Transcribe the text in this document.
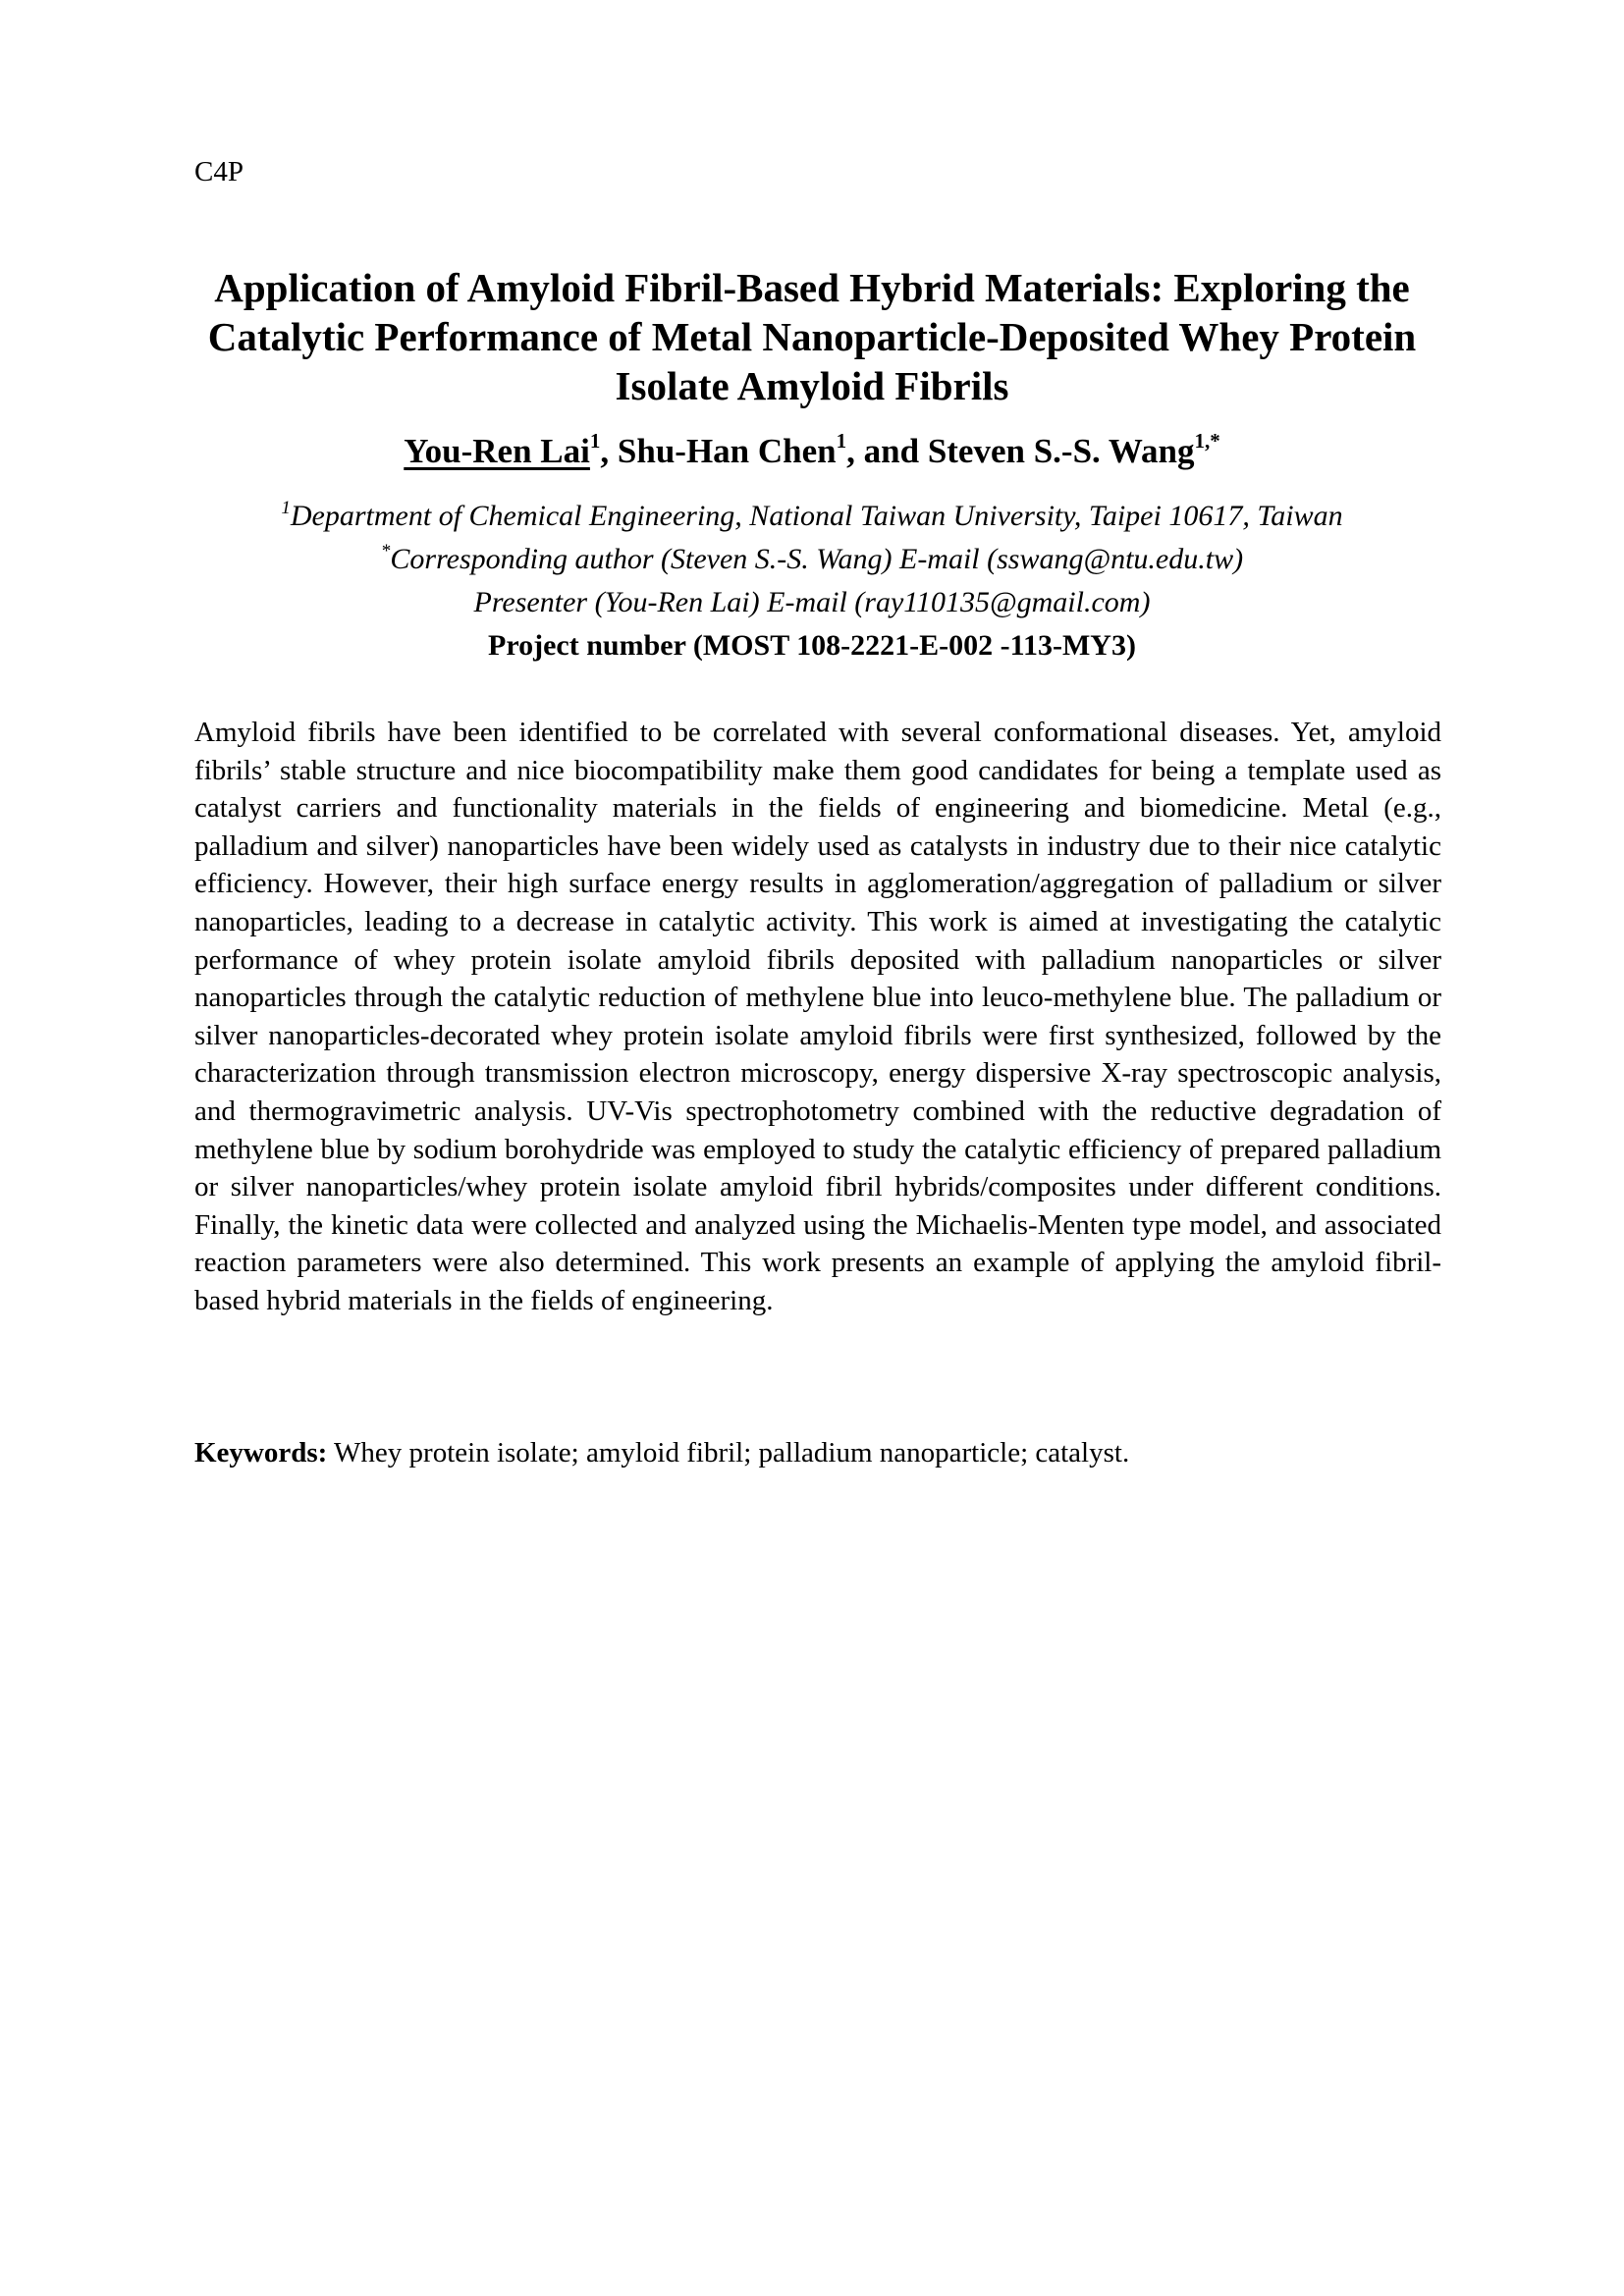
C4P
Application of Amyloid Fibril-Based Hybrid Materials: Exploring the Catalytic Performance of Metal Nanoparticle-Deposited Whey Protein Isolate Amyloid Fibrils
You-Ren Lai$^1$, Shu-Han Chen$^1$, and Steven S.-S. Wang$^{1,*}$
$^1$Department of Chemical Engineering, National Taiwan University, Taipei 10617, Taiwan
*Corresponding author (Steven S.-S. Wang) E-mail (sswang@ntu.edu.tw)
Presenter (You-Ren Lai) E-mail (ray110135@gmail.com)
Project number (MOST 108-2221-E-002 -113-MY3)

Amyloid fibrils have been identified to be correlated with several conformational diseases. Yet, amyloid fibrils’ stable structure and nice biocompatibility make them good candidates for being a template used as catalyst carriers and functionality materials in the fields of engineering and biomedicine. Metal (e.g., palladium and silver) nanoparticles have been widely used as catalysts in industry due to their nice catalytic efficiency. However, their high surface energy results in agglomeration/aggregation of palladium or silver nanoparticles, leading to a decrease in catalytic activity. This work is aimed at investigating the catalytic performance of whey protein isolate amyloid fibrils deposited with palladium nanoparticles or silver nanoparticles through the catalytic reduction of methylene blue into leuco-methylene blue. The palladium or silver nanoparticles-decorated whey protein isolate amyloid fibrils were first synthesized, followed by the characterization through transmission electron microscopy, energy dispersive X-ray spectroscopic analysis, and thermogravimetric analysis. UV-Vis spectrophotometry combined with the reductive degradation of methylene blue by sodium borohydride was employed to study the catalytic efficiency of prepared palladium or silver nanoparticles/whey protein isolate amyloid fibril hybrids/composites under different conditions. Finally, the kinetic data were collected and analyzed using the Michaelis-Menten type model, and associated reaction parameters were also determined. This work presents an example of applying the amyloid fibril-based hybrid materials in the fields of engineering.

Keywords: Whey protein isolate; amyloid fibril; palladium nanoparticle; catalyst.
